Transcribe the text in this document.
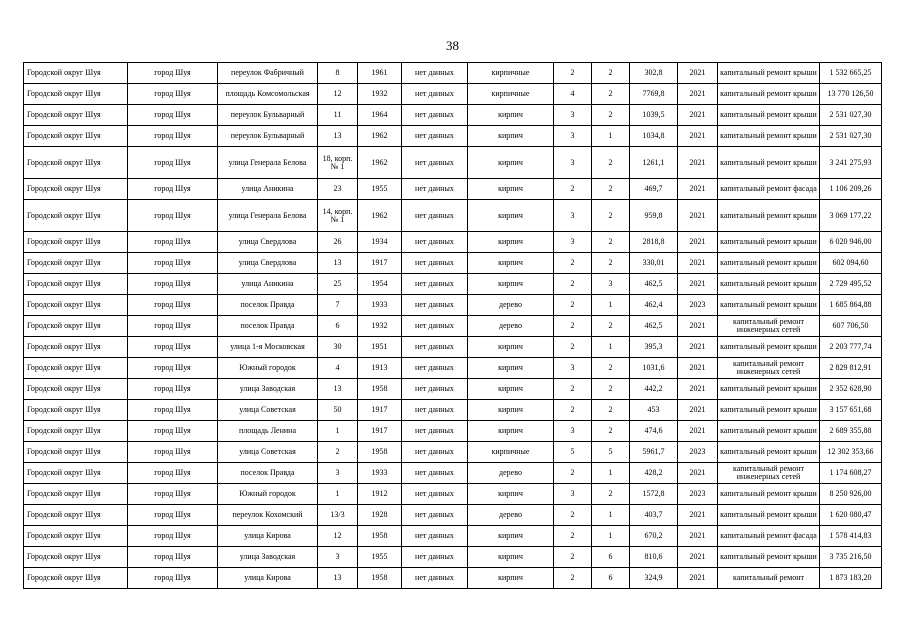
38
Городской округ Шуя	город Шуя	переулок Фабричный	8	1961	нет данных	кирпичные	2	2	302,8	2021	капитальный ремонт крыши	1 532 665,25
Городской округ Шуя	город Шуя	площадь Комсомольская	12	1932	нет данных	кирпичные	4	2	7769,8	2021	капитальный ремонт крыши	13 770 126,50
Городской округ Шуя	город Шуя	переулок Бульварный	11	1964	нет данных	кирпич	3	2	1039,5	2021	капитальный ремонт крыши	2 531 027,30
Городской округ Шуя	город Шуя	переулок Бульварный	13	1962	нет данных	кирпич	3	1	1034,8	2021	капитальный ремонт крыши	2 531 027,30
Городской округ Шуя	город Шуя	улица Генерала Белова	18, корп. № 1	1962	нет данных	кирпич	3	2	1261,1	2021	капитальный ремонт крыши	3 241 275,93
Городской округ Шуя	город Шуя	улица Аникина	23	1955	нет данных	кирпич	2	2	469,7	2021	капитальный ремонт фасада	1 106 209,26
Городской округ Шуя	город Шуя	улица Генерала Белова	14, корп. № 1	1962	нет данных	кирпич	3	2	959,8	2021	капитальный ремонт крыши	3 069 177,22
Городской округ Шуя	город Шуя	улица Свердлова	26	1934	нет данных	кирпич	3	2	2818,8	2021	капитальный ремонт крыши	6 020 946,00
Городской округ Шуя	город Шуя	улица Свердлова	13	1917	нет данных	кирпич	2	2	330,01	2021	капитальный ремонт крыши	602 094,60
Городской округ Шуя	город Шуя	улица Аникина	25	1954	нет данных	кирпич	2	3	462,5	2021	капитальный ремонт крыши	2 729 495,52
Городской округ Шуя	город Шуя	поселок Правда	7	1933	нет данных	дерево	2	1	462,4	2023	капитальный ремонт крыши	1 685 864,88
Городской округ Шуя	город Шуя	поселок Правда	6	1932	нет данных	дерево	2	2	462,5	2021	капитальный ремонт инженерных сетей	607 706,50
Городской округ Шуя	город Шуя	улица 1-я Московская	30	1951	нет данных	кирпич	2	1	395,3	2021	капитальный ремонт крыши	2 203 777,74
Городской округ Шуя	город Шуя	Южный городок	4	1913	нет данных	кирпич	3	2	1031,6	2021	капитальный ремонт инженерных сетей	2 829 812,91
Городской округ Шуя	город Шуя	улица Заводская	13	1958	нет данных	кирпич	2	2	442,2	2021	капитальный ремонт крыши	2 352 628,90
Городской округ Шуя	город Шуя	улица Советская	50	1917	нет данных	кирпич	2	2	453	2021	капитальный ремонт крыши	3 157 651,68
Городской округ Шуя	город Шуя	площадь Ленина	1	1917	нет данных	кирпич	3	2	474,6	2021	капитальный ремонт крыши	2 689 355,88
Городской округ Шуя	город Шуя	улица Советская	2	1958	нет данных	кирпичные	5	5	5961,7	2023	капитальный ремонт крыши	12 302 353,66
Городской округ Шуя	город Шуя	поселок Правда	3	1933	нет данных	дерево	2	1	428,2	2021	капитальный ремонт инженерных сетей	1 174 608,27
Городской округ Шуя	город Шуя	Южный городок	1	1912	нет данных	кирпич	3	2	1572,8	2023	капитальный ремонт крыши	8 250 926,00
Городской округ Шуя	город Шуя	переулок Кохомский	13/3	1928	нет данных	дерево	2	1	403,7	2021	капитальный ремонт крыши	1 620 080,47
Городской округ Шуя	город Шуя	улица Кирова	12	1958	нет данных	кирпич	2	1	670,2	2021	капитальный ремонт фасада	1 578 414,83
Городской округ Шуя	город Шуя	улица Заводская	3	1955	нет данных	кирпич	2	6	810,6	2021	капитальный ремонт крыши	3 735 216,50
Городской округ Шуя	город Шуя	улица Кирова	13	1958	нет данных	кирпич	2	6	324,9	2021	капитальный ремонт	1 873 183,20
